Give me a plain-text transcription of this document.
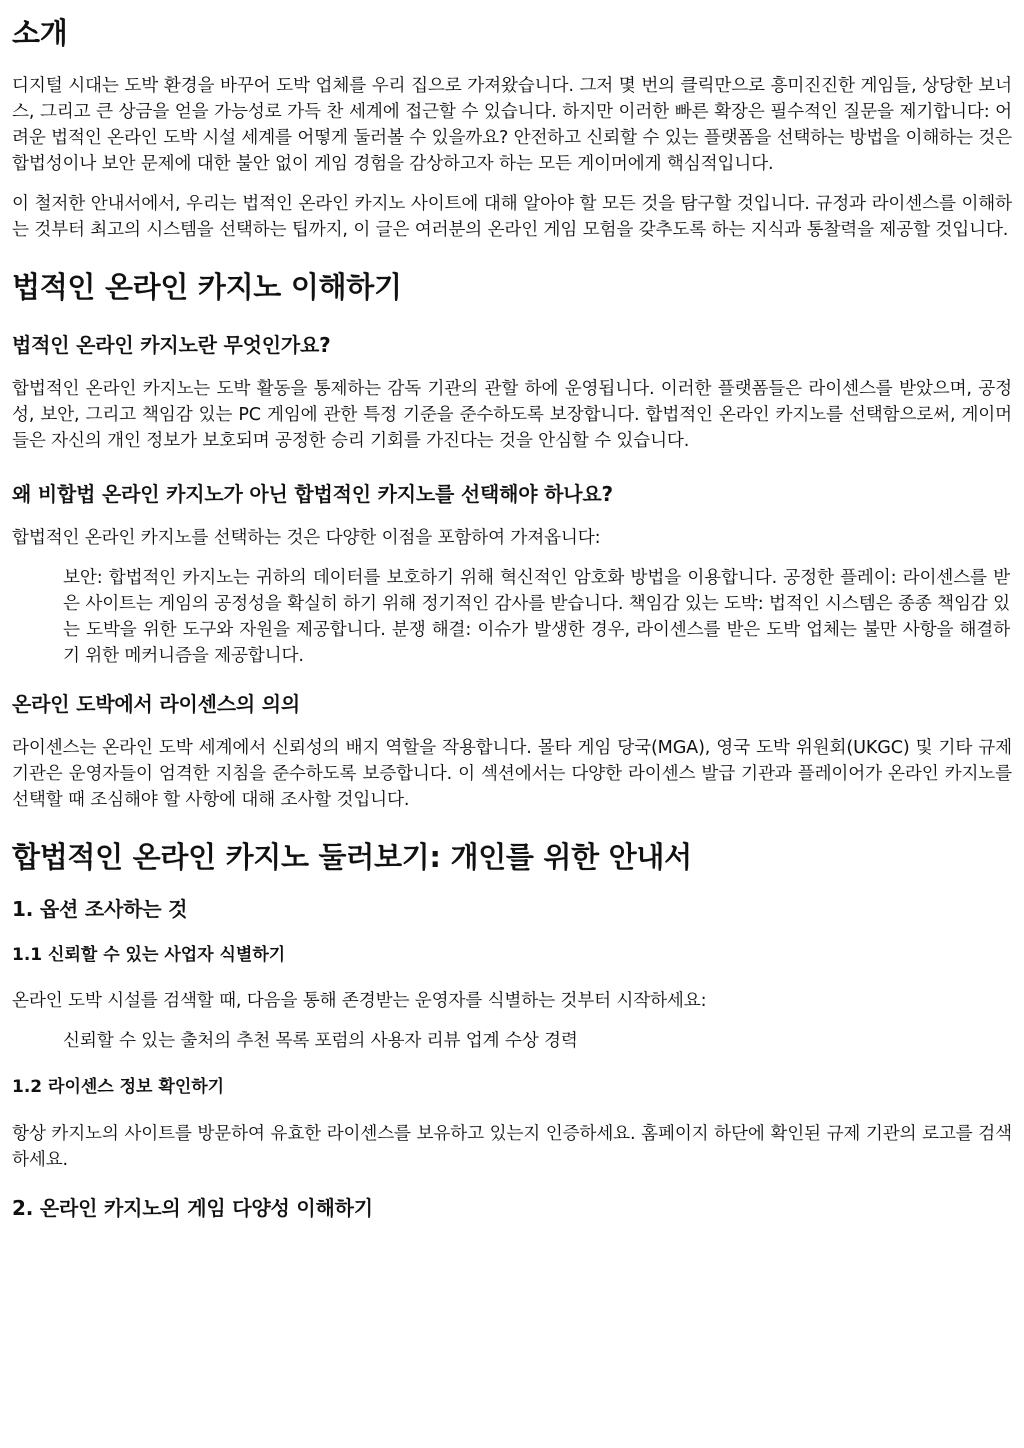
소개

디지털 시대는 도박 환경을 바꾸어 도박 업체를 우리 집으로 가져왔습니다. 그저 몇 번의 클릭만으로 흥미진진한 게임들, 상당한 보너스, 그리고 큰 상금을 얻을 가능성로 가득 찬 세계에 접근할 수 있습니다. 하지만 이러한 빠른 확장은 필수적인 질문을 제기합니다: 어려운 법적인 온라인 도박 시설 세계를 어떻게 둘러볼 수 있을까요? 안전하고 신뢰할 수 있는 플랫폼을 선택하는 방법을 이해하는 것은 합법성이나 보안 문제에 대한 불안 없이 게임 경험을 감상하고자 하는 모든 게이머에게 핵심적입니다.

이 철저한 안내서에서, 우리는 법적인 온라인 카지노 사이트에 대해 알아야 할 모든 것을 탐구할 것입니다. 규정과 라이센스를 이해하는 것부터 최고의 시스템을 선택하는 팁까지, 이 글은 여러분의 온라인 게임 모험을 갖추도록 하는 지식과 통찰력을 제공할 것입니다.

법적인 온라인 카지노 이해하기
법적인 온라인 카지노란 무엇인가요?

합법적인 온라인 카지노는 도박 활동을 통제하는 감독 기관의 관할 하에 운영됩니다. 이러한 플랫폼들은 라이센스를 받았으며, 공정성, 보안, 그리고 책임감 있는 PC 게임에 관한 특정 기준을 준수하도록 보장합니다. 합법적인 온라인 카지노를 선택함으로써, 게이머들은 자신의 개인 정보가 보호되며 공정한 승리 기회를 가진다는 것을 안심할 수 있습니다.

왜 비합법 온라인 카지노가 아닌 합법적인 카지노를 선택해야 하나요?

합법적인 온라인 카지노를 선택하는 것은 다양한 이점을 포함하여 가져옵니다:

보안: 합법적인 카지노는 귀하의 데이터를 보호하기 위해 혁신적인 암호화 방법을 이용합니다. 공정한 플레이: 라이센스를 받은 사이트는 게임의 공정성을 확실히 하기 위해 정기적인 감사를 받습니다. 책임감 있는 도박: 법적인 시스템은 종종 책임감 있는 도박을 위한 도구와 자원을 제공합니다. 분쟁 해결: 이슈가 발생한 경우, 라이센스를 받은 도박 업체는 불만 사항을 해결하기 위한 메커니즘을 제공합니다.
온라인 도박에서 라이센스의 의의

라이센스는 온라인 도박 세계에서 신뢰성의 배지 역할을 작용합니다. 몰타 게임 당국(MGA), 영국 도박 위원회(UKGC) 및 기타 규제 기관은 운영자들이 엄격한 지침을 준수하도록 보증합니다. 이 섹션에서는 다양한 라이센스 발급 기관과 플레이어가 온라인 카지노를 선택할 때 조심해야 할 사항에 대해 조사할 것입니다.

합법적인 온라인 카지노 둘러보기: 개인를 위한 안내서
1. 옵션 조사하는 것
1.1 신뢰할 수 있는 사업자 식별하기

온라인 도박 시설를 검색할 때, 다음을 통해 존경받는 운영자를 식별하는 것부터 시작하세요:

신뢰할 수 있는 출처의 추천 목록 포럼의 사용자 리뷰 업계 수상 경력
1.2 라이센스 정보 확인하기

항상 카지노의 사이트를 방문하여 유효한 라이센스를 보유하고 있는지 인증하세요. 홈페이지 하단에 확인된 규제 기관의 로고를 검색하세요.

2. 온라인 카지노의 게임 다양성 이해하기
